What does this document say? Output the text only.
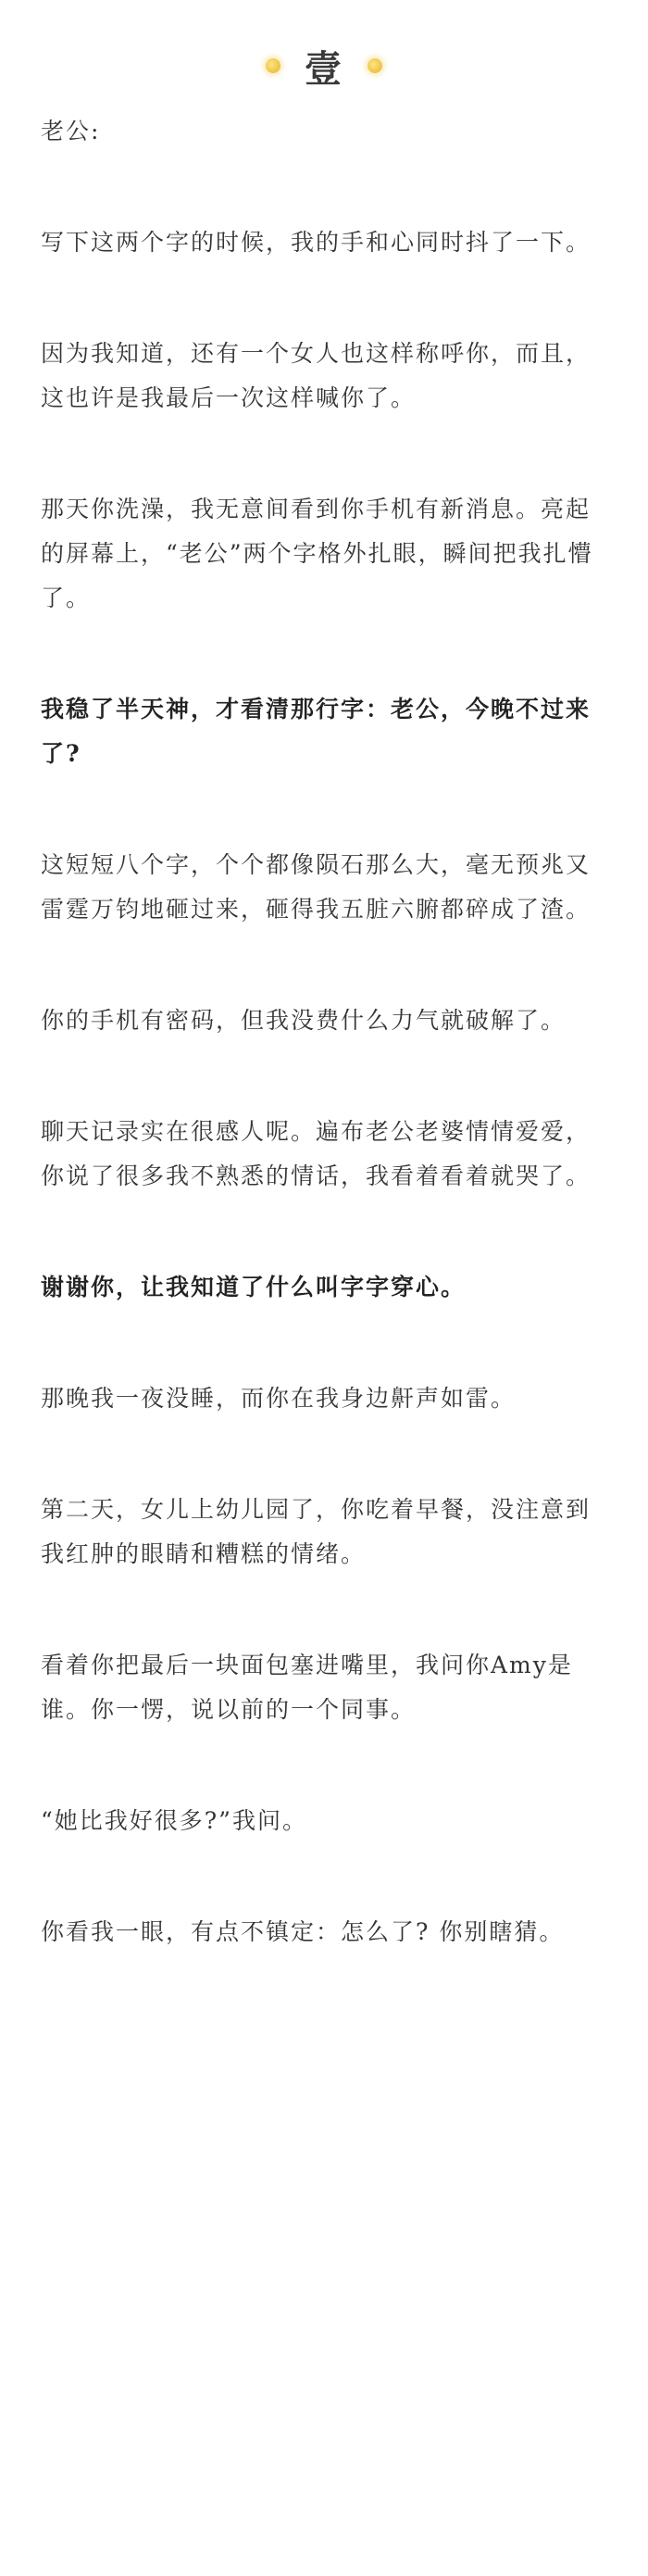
壹

老公:

写下这两个字的时候，我的手和心同时抖了一下。

因为我知道，还有一个女人也这样称呼你，而且，这也许是我最后一次这样喊你了。

那天你洗澡，我无意间看到你手机有新消息。亮起的屏幕上，“老公”两个字格外扎眼，瞬间把我扎懵了。

我稳了半天神，才看清那行字：老公，今晚不过来了?

这短短八个字，个个都像陨石那么大，毫无预兆又雷霆万钧地砸过来，砸得我五脏六腑都碎成了渣。

你的手机有密码，但我没费什么力气就破解了。

聊天记录实在很感人呢。遍布老公老婆情情爱爱，你说了很多我不熟悉的情话，我看着看着就哭了。

谢谢你，让我知道了什么叫字字穿心。

那晚我一夜没睡，而你在我身边鼾声如雷。

第二天，女儿上幼儿园了，你吃着早餐，没注意到我红肿的眼睛和糟糕的情绪。

看着你把最后一块面包塞进嘴里，我问你Amy是谁。你一愣，说以前的一个同事。

“她比我好很多?”我问。

你看我一眼，有点不镇定：怎么了? 你别瞎猜。
